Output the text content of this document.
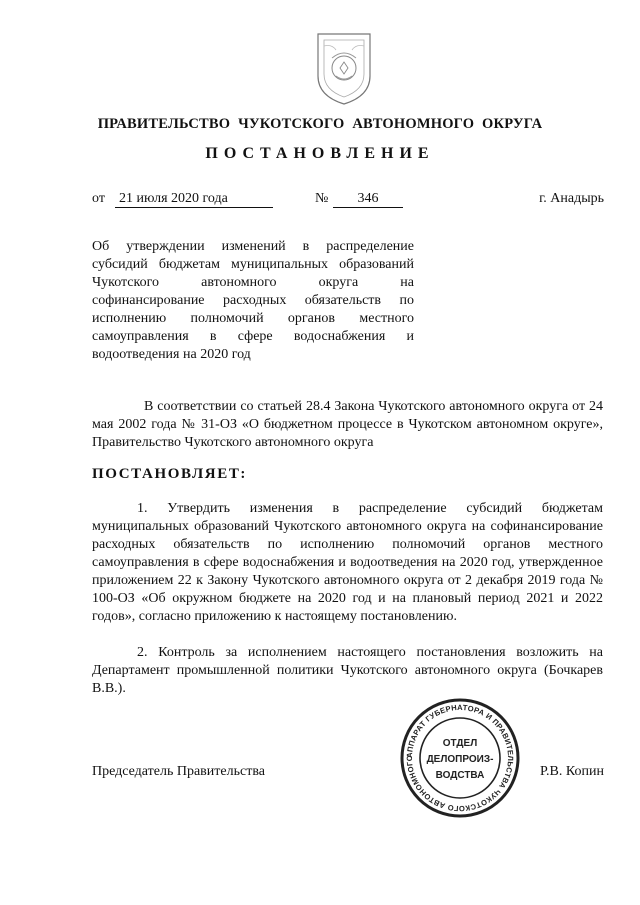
ПРАВИТЕЛЬСТВО ЧУКОТСКОГО АВТОНОМНОГО ОКРУГА
ПОСТАНОВЛЕНИЕ
от 21 июля 2020 года	№	346	г. Анадырь
Об утверждении изменений в распределение субсидий бюджетам муниципальных образований Чукотского автономного округа на софинансирование расходных обязательств по исполнению полномочий органов местного самоуправления в сфере водоснабжения и водоотведения на 2020 год
В соответствии со статьей 28.4 Закона Чукотского автономного округа от 24 мая 2002 года № 31-ОЗ «О бюджетном процессе в Чукотском автономном округе», Правительство Чукотского автономного округа
ПОСТАНОВЛЯЕТ:
1. Утвердить изменения в распределение субсидий бюджетам муниципальных образований Чукотского автономного округа на софинансирование расходных обязательств по исполнению полномочий органов местного самоуправления в сфере водоснабжения и водоотведения на 2020 год, утвержденное приложением 22 к Закону Чукотского автономного округа от 2 декабря 2019 года № 100-ОЗ «Об окружном бюджете на 2020 год и на плановый период 2021 и 2022 годов», согласно приложению к настоящему постановлению.
2. Контроль за исполнением настоящего постановления возложить на Департамент промышленной политики Чукотского автономного округа (Бочкарев В.В.).
Председатель Правительства	Р.В. Копин
АППАРАТ ГУБЕРНАТОРА И ПРАВИТЕЛЬСТВА ЧУКОТСКОГО АВТОНОМНОГО
ОТДЕЛ
ДЕЛОПРОИЗ-
ВОДСТВА
